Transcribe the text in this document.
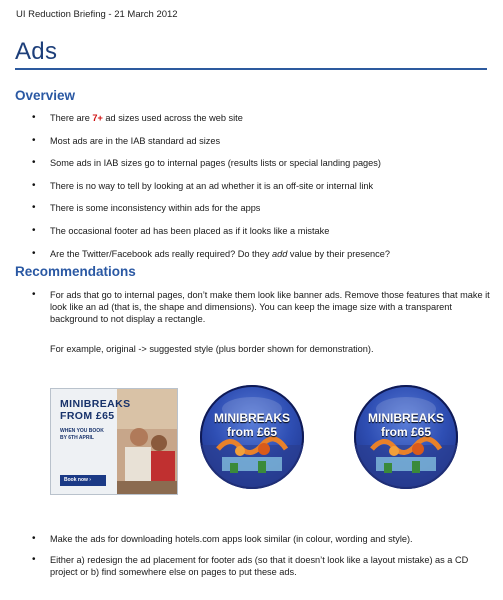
UI Reduction Briefing - 21 March 2012
Ads
Overview
• There are 7+ ad sizes used across the web site
• Most ads are in the IAB standard ad sizes
• Some ads in IAB sizes go to internal pages (results lists or special landing pages)
• There is no way to tell by looking at an ad whether it is an off-site or internal link
• There is some inconsistency within ads for the apps
• The occasional footer ad has been placed as if it looks like a mistake
• Are the Twitter/Facebook ads really required? Do they add value by their presence?
Recommendations
• For ads that go to internal pages, don’t make them look like banner ads. Remove those features that make it look like an ad (that is, the shape and dimensions). You can keep the image size with a transparent background to not display a rectangle.
For example, original -> suggested style (plus border shown for demonstration).
MINIBREAKS
FROM £65
WHEN YOU BOOK
BY 6TH APRIL
Book now ›
MINIBREAKS
from £65
MINIBREAKS
from £65
• Make the ads for downloading hotels.com apps look similar (in colour, wording and style).
• Either a) redesign the ad placement for footer ads (so that it doesn’t look like a layout mistake) as a CD project or b) find somewhere else on pages to put these ads.
